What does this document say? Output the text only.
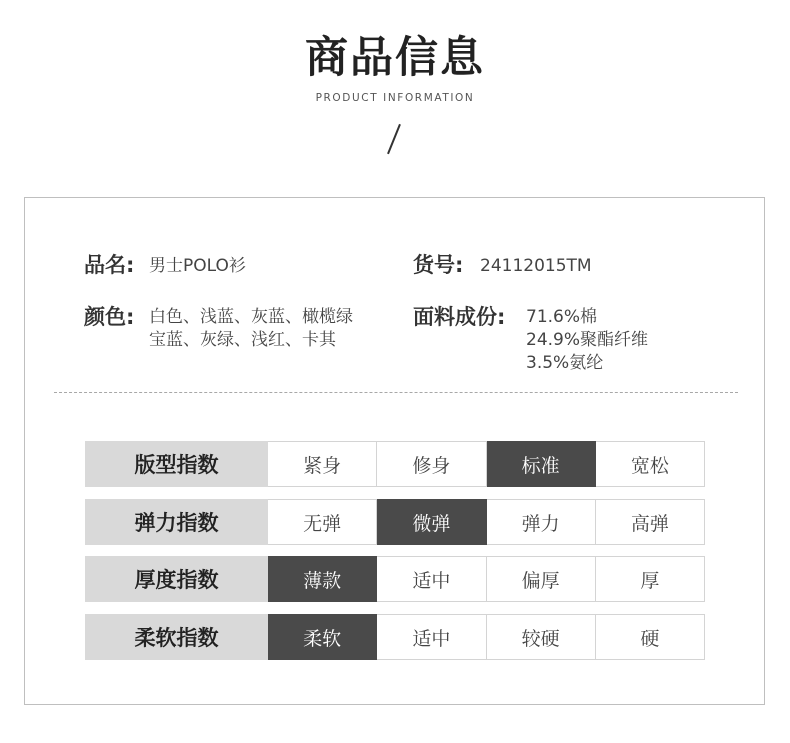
商品信息
PRODUCT INFORMATION
品名: 男士POLO衫	货号: 24112015TM
颜色: 白色、浅蓝、灰蓝、橄榄绿
宝蓝、灰绿、浅红、卡其
面料成份: 71.6%棉
24.9%聚酯纤维
3.5%氨纶
版型指数	紧身	修身	标准	宽松
弹力指数	无弹	微弹	弹力	高弹
厚度指数	薄款	适中	偏厚	厚
柔软指数	柔软	适中	较硬	硬
